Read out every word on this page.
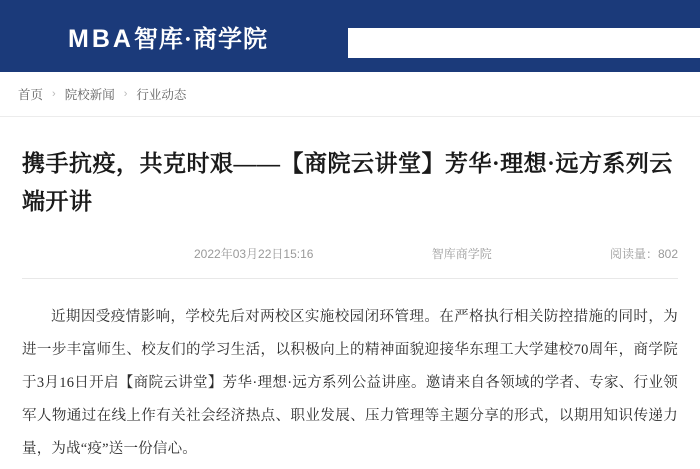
MBA 智库·商学院
首页 › 院校新闻 › 行业动态
携手抗疫，共克时艰——【商院云讲堂】芳华·理想·远方系列云端开讲
2022年03月22日15:16	智库商学院	阅读量：802

近期因受疫情影响，学校先后对两校区实施校园闭环管理。在严格执行相关防控措施的同时，为进一步丰富师生、校友们的学习生活，以积极向上的精神面貌迎接华东理工大学建校70周年，商学院于3月16日开启【商院云讲堂】芳华·理想·远方系列公益讲座。邀请来自各领域的学者、专家、行业领军人物通过在线上作有关社会经济热点、职业发展、压力管理等主题分享的形式，以期用知识传递力量，为战“疫”送一份信心。
